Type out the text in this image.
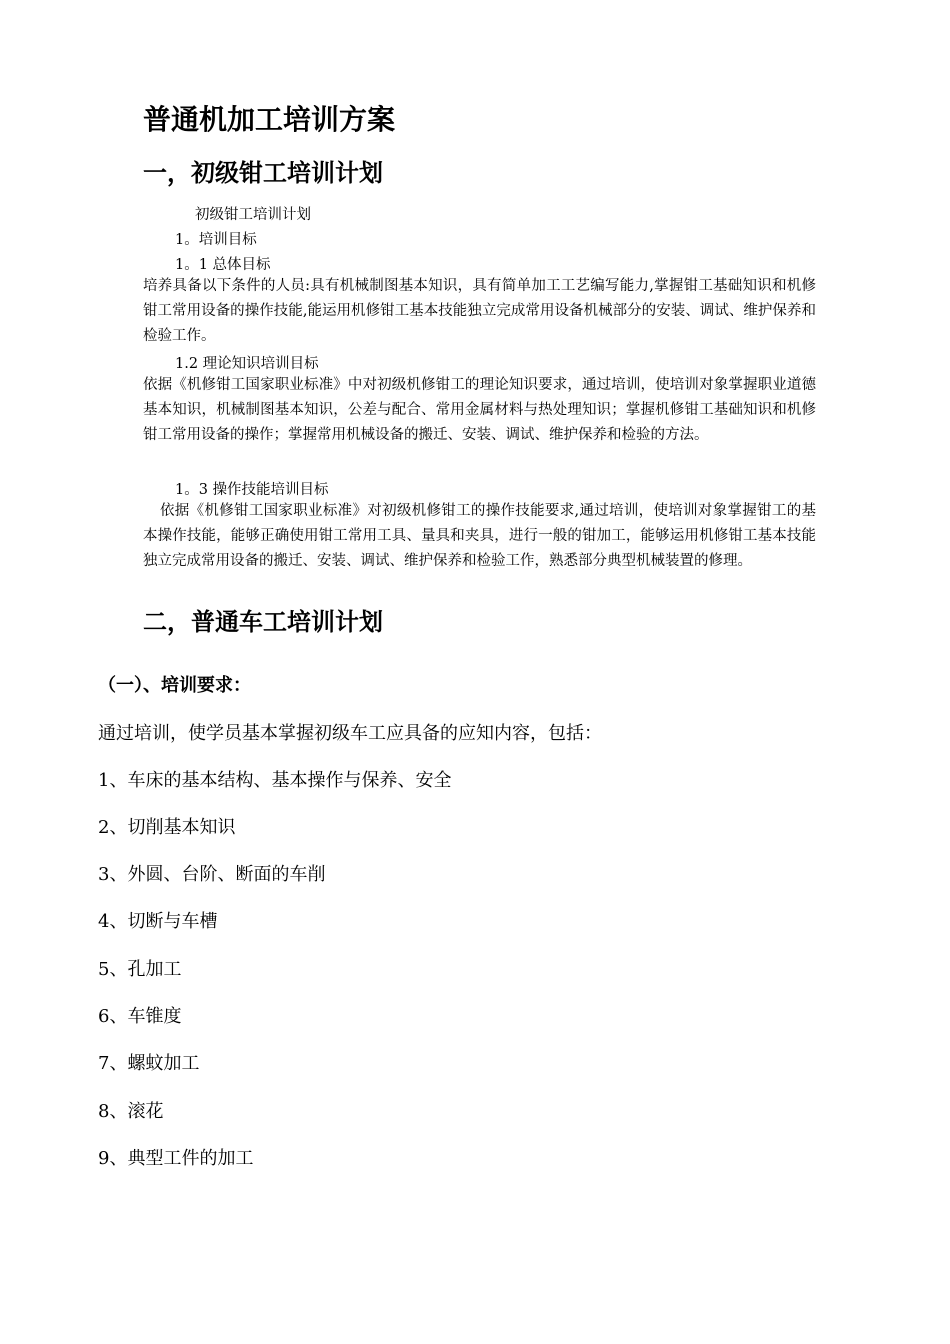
普通机加工培训方案
一，初级钳工培训计划
初级钳工培训计划
1。培训目标
1。1 总体目标
培养具备以下条件的人员:具有机械制图基本知识，具有简单加工工艺编写能力,掌握钳工基础知识和机修钳工常用设备的操作技能,能运用机修钳工基本技能独立完成常用设备机械部分的安装、调试、维护保养和检验工作。
1.2 理论知识培训目标
依据《机修钳工国家职业标准》中对初级机修钳工的理论知识要求，通过培训，使培训对象掌握职业道德基本知识，机械制图基本知识，公差与配合、常用金属材料与热处理知识；掌握机修钳工基础知识和机修钳工常用设备的操作；掌握常用机械设备的搬迁、安装、调试、维护保养和检验的方法。
1。3 操作技能培训目标
依据《机修钳工国家职业标准》对初级机修钳工的操作技能要求,通过培训，使培训对象掌握钳工的基本操作技能，能够正确使用钳工常用工具、量具和夹具，进行一般的钳加工，能够运用机修钳工基本技能独立完成常用设备的搬迁、安装、调试、维护保养和检验工作，熟悉部分典型机械装置的修理。
二，普通车工培训计划
（一）、培训要求：
通过培训，使学员基本掌握初级车工应具备的应知内容，包括：
1、车床的基本结构、基本操作与保养、安全
2、切削基本知识
3、外圆、台阶、断面的车削
4、切断与车槽
5、孔加工
6、车锥度
7、螺蚊加工
8、滚花
9、典型工件的加工
